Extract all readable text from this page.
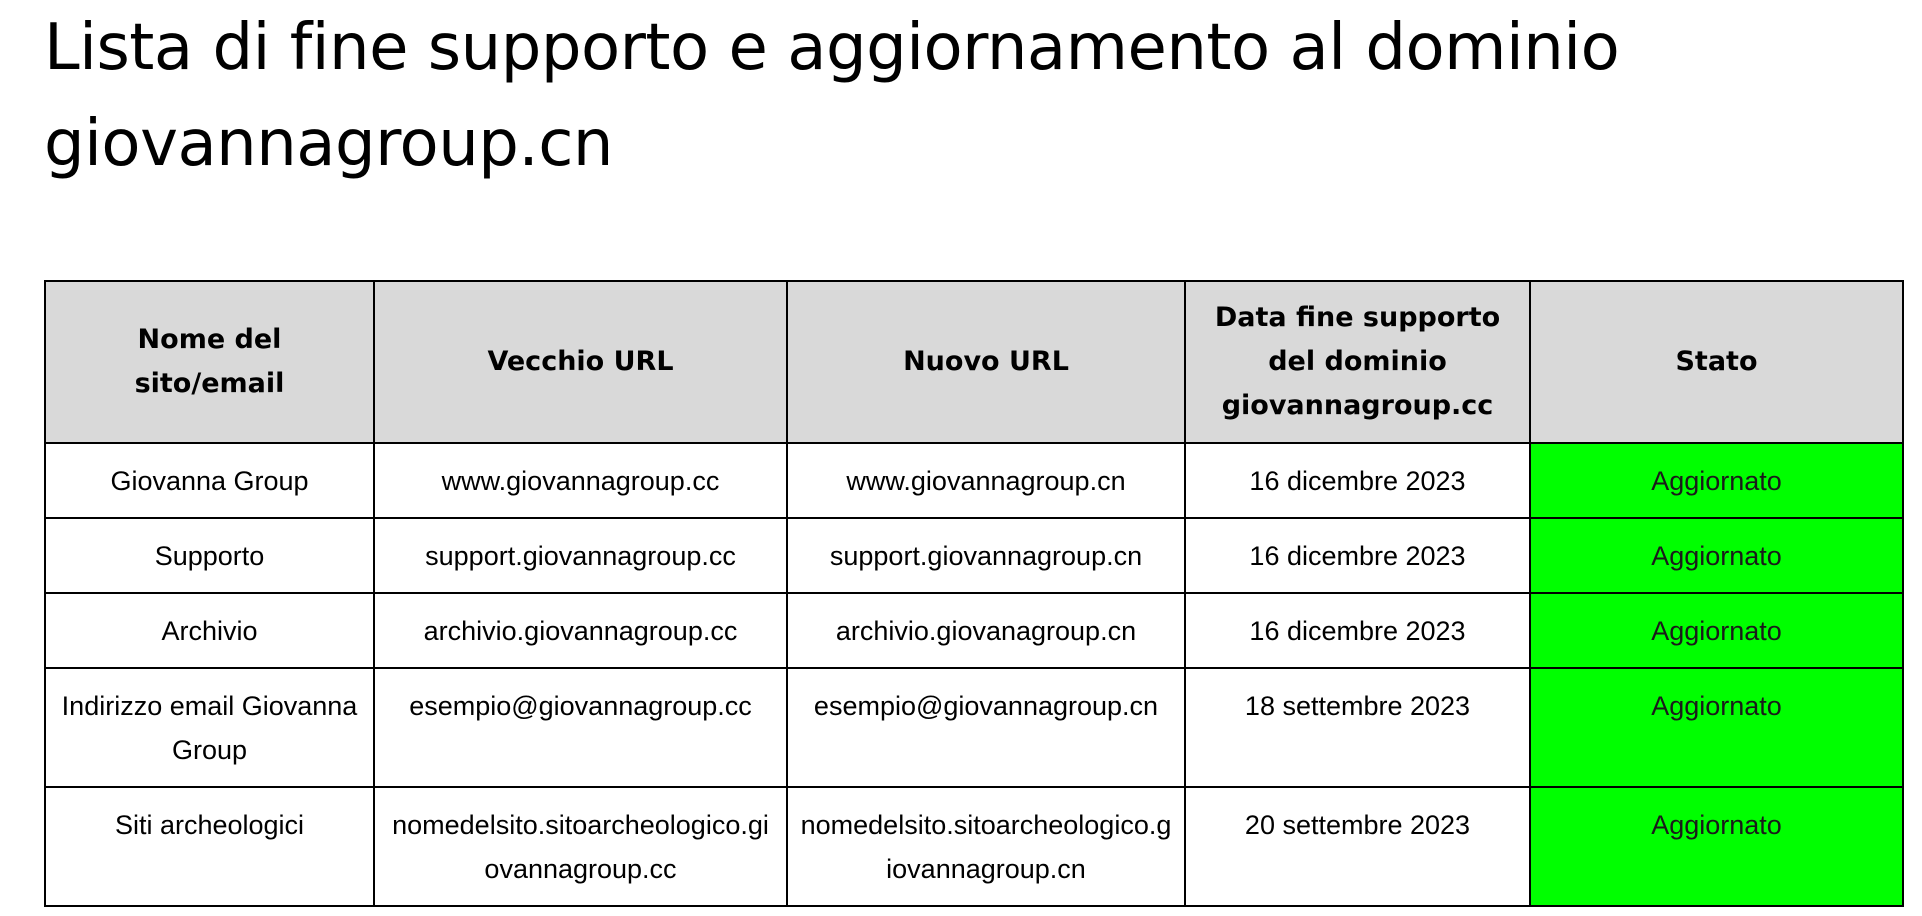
Lista di fine supporto e aggiornamento al dominio giovannagroup.cn
Nome del sito/email	Vecchio URL	Nuovo URL	Data fine supporto del dominio giovannagroup.cc	Stato
Giovanna Group	www.giovannagroup.cc	www.giovannagroup.cn	16 dicembre 2023	Aggiornato
Supporto	support.giovannagroup.cc	support.giovannagroup.cn	16 dicembre 2023	Aggiornato
Archivio	archivio.giovannagroup.cc	archivio.giovanagroup.cn	16 dicembre 2023	Aggiornato
Indirizzo email Giovanna Group	esempio@giovannagroup.cc	esempio@giovannagroup.cn	18 settembre 2023	Aggiornato
Siti archeologici	nomedelsito.sitoarcheologico.giovannagroup.cc	nomedelsito.sitoarcheologico.giovannagroup.cn	20 settembre 2023	Aggiornato
